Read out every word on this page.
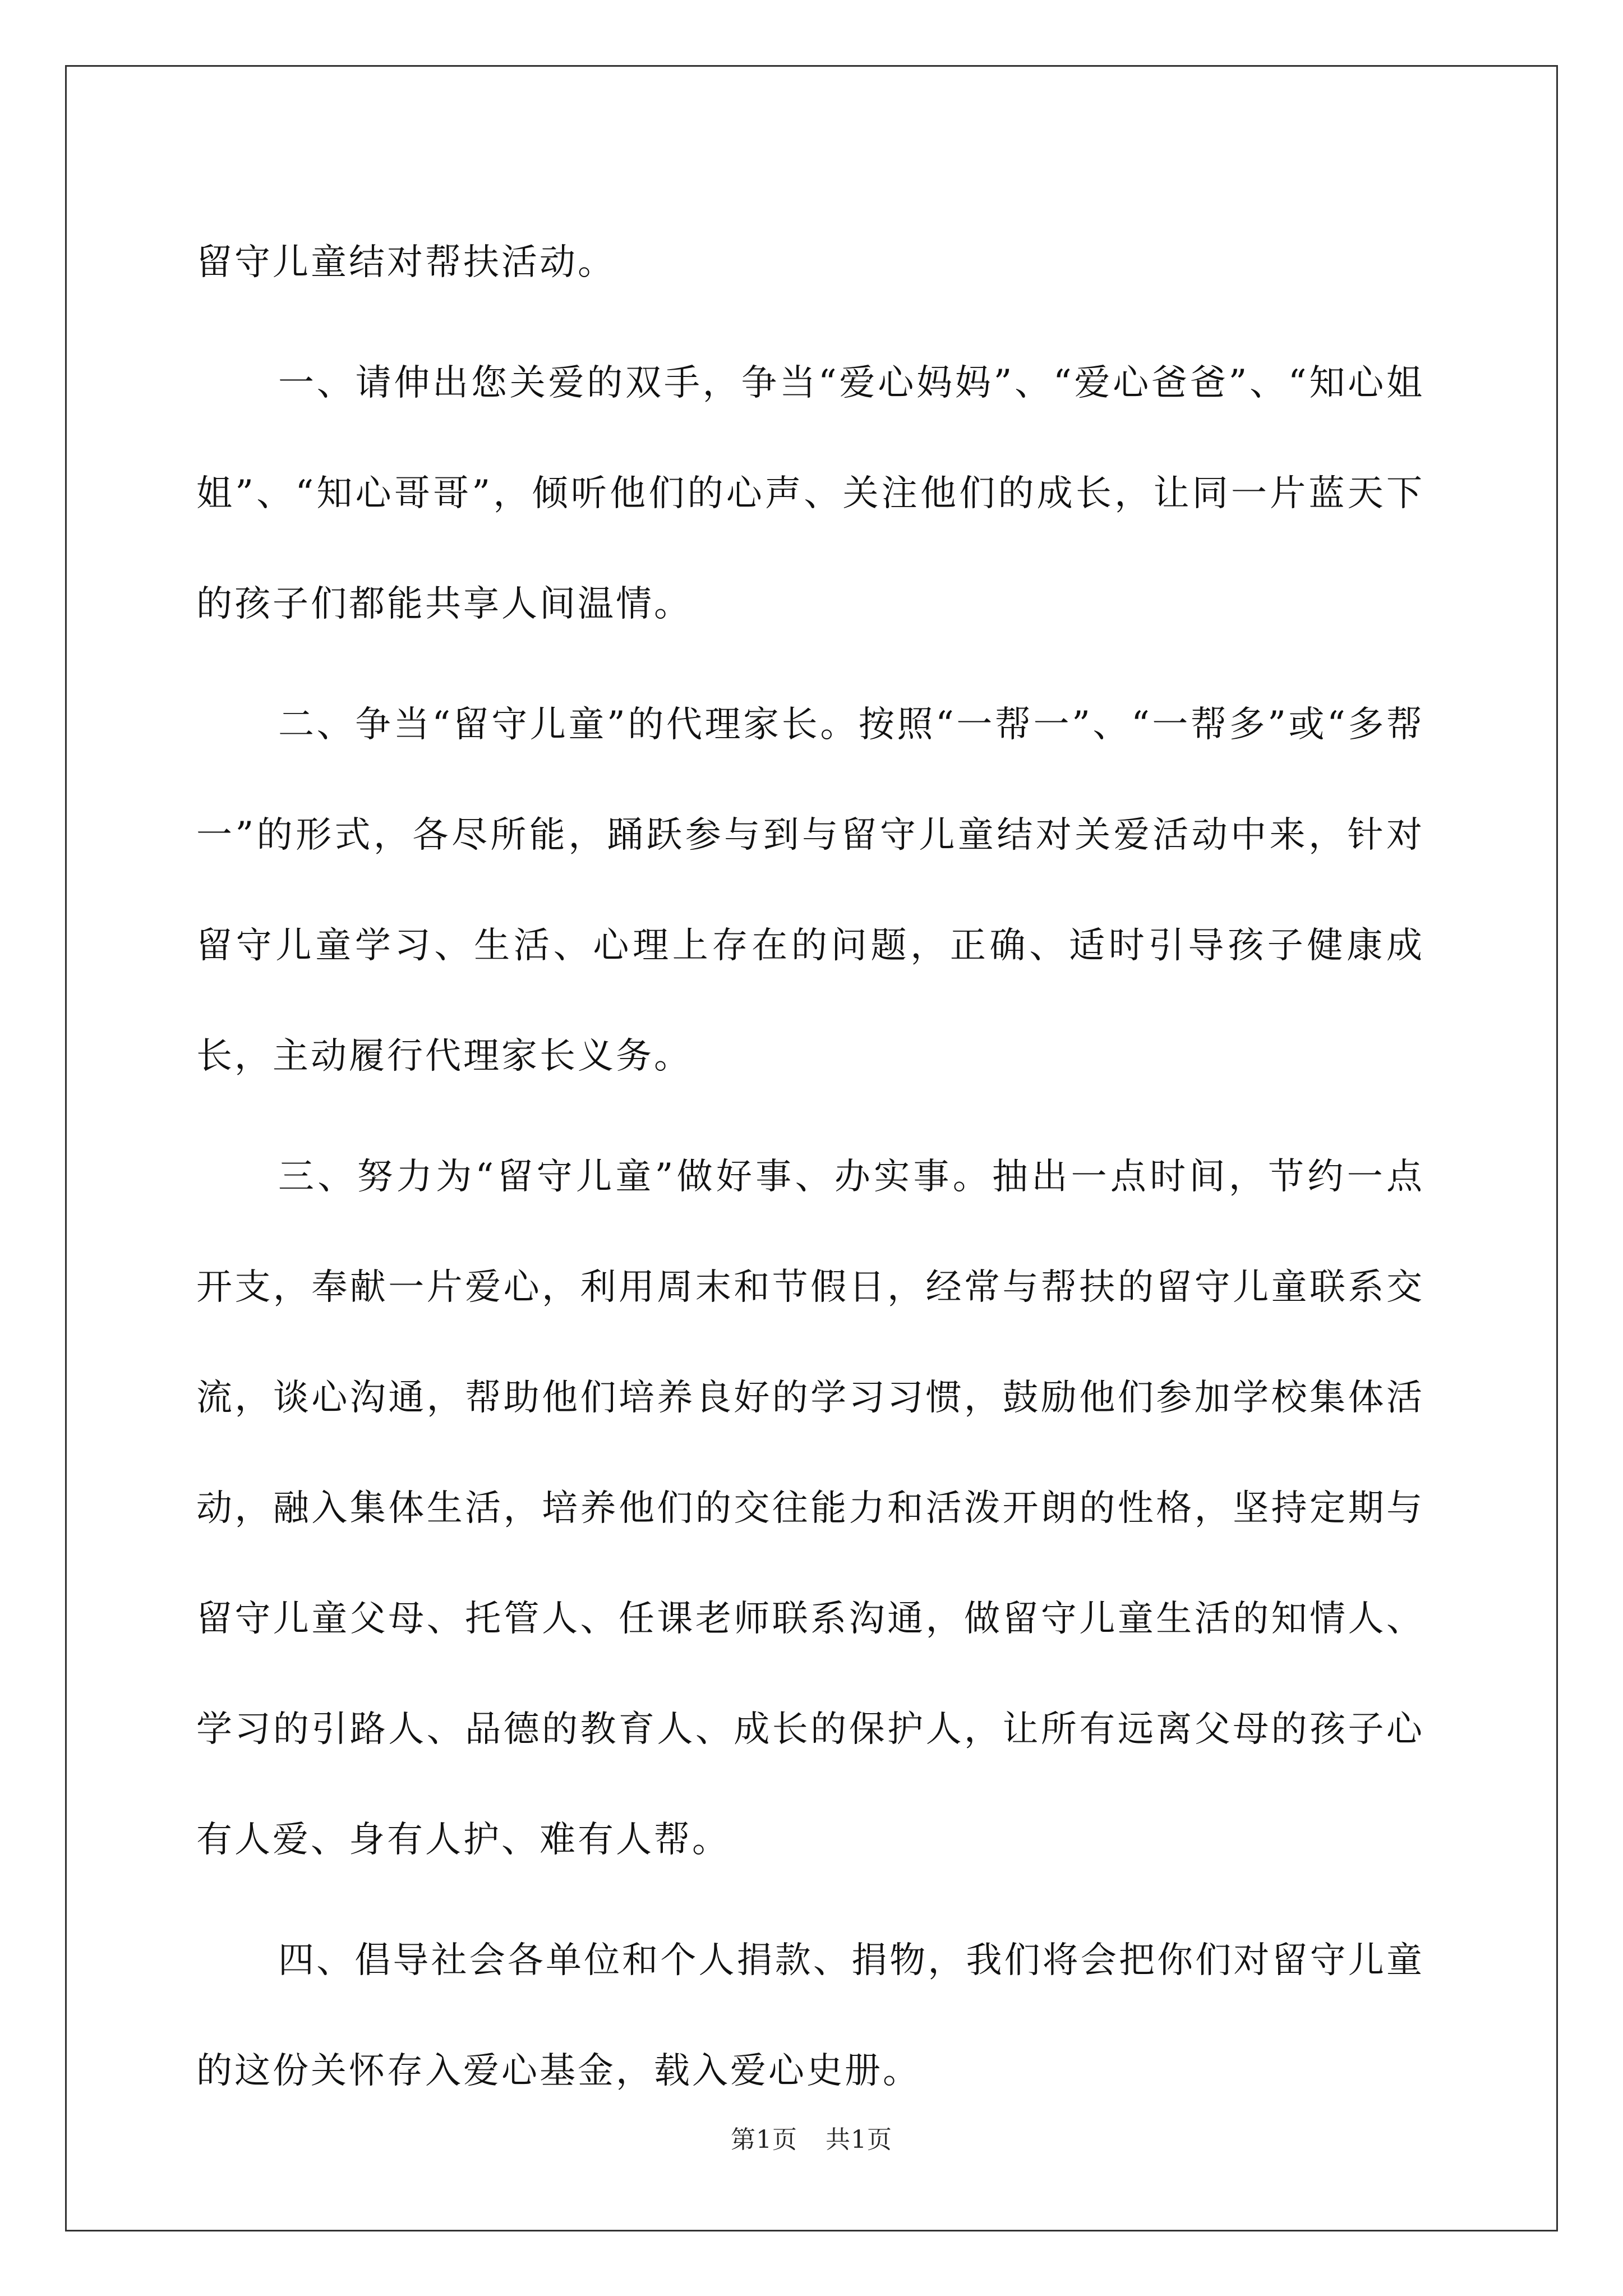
留守儿童结对帮扶活动。

一、请伸出您关爱的双手，争当“爱心妈妈”、“爱心爸爸”、“知心姐姐”、“知心哥哥”，倾听他们的心声、关注他们的成长，让同一片蓝天下的孩子们都能共享人间温情。

二、争当“留守儿童”的代理家长。按照“一帮一”、“一帮多”或“多帮一”的形式，各尽所能，踊跃参与到与留守儿童结对关爱活动中来，针对留守儿童学习、生活、心理上存在的问题，正确、适时引导孩子健康成长，主动履行代理家长义务。

三、努力为“留守儿童”做好事、办实事。抽出一点时间，节约一点开支，奉献一片爱心，利用周末和节假日，经常与帮扶的留守儿童联系交流，谈心沟通，帮助他们培养良好的学习习惯，鼓励他们参加学校集体活动，融入集体生活，培养他们的交往能力和活泼开朗的性格，坚持定期与留守儿童父母、托管人、任课老师联系沟通，做留守儿童生活的知情人、学习的引路人、品德的教育人、成长的保护人，让所有远离父母的孩子心有人爱、身有人护、难有人帮。

四、倡导社会各单位和个人捐款、捐物，我们将会把你们对留守儿童的这份关怀存入爱心基金，载入爱心史册。

第1页 共1页
